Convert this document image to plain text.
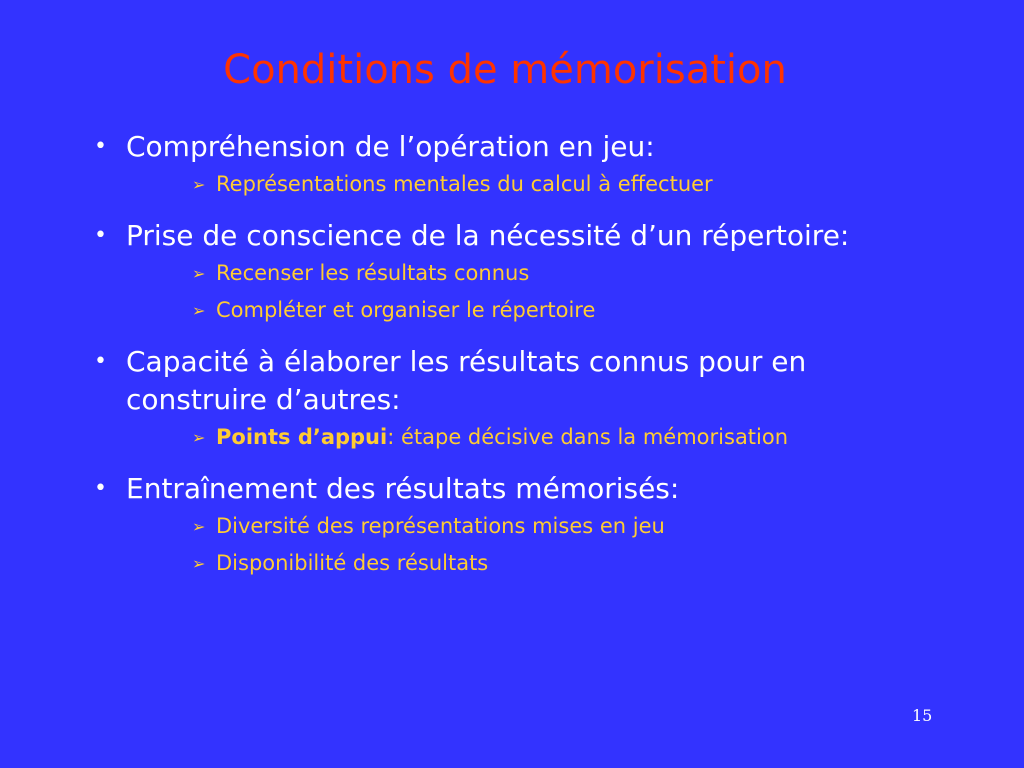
Conditions de mémorisation
• Compréhension de l’opération en jeu:
➢ Représentations mentales du calcul à effectuer
• Prise de conscience de la nécessité d’un répertoire:
➢ Recenser les résultats connus
➢ Compléter et organiser le répertoire
• Capacité à élaborer les résultats connus pour en construire d’autres:
➢ Points d’appui: étape décisive dans la mémorisation
• Entraînement des résultats mémorisés:
➢ Diversité des représentations mises en jeu
➢ Disponibilité des résultats
15
